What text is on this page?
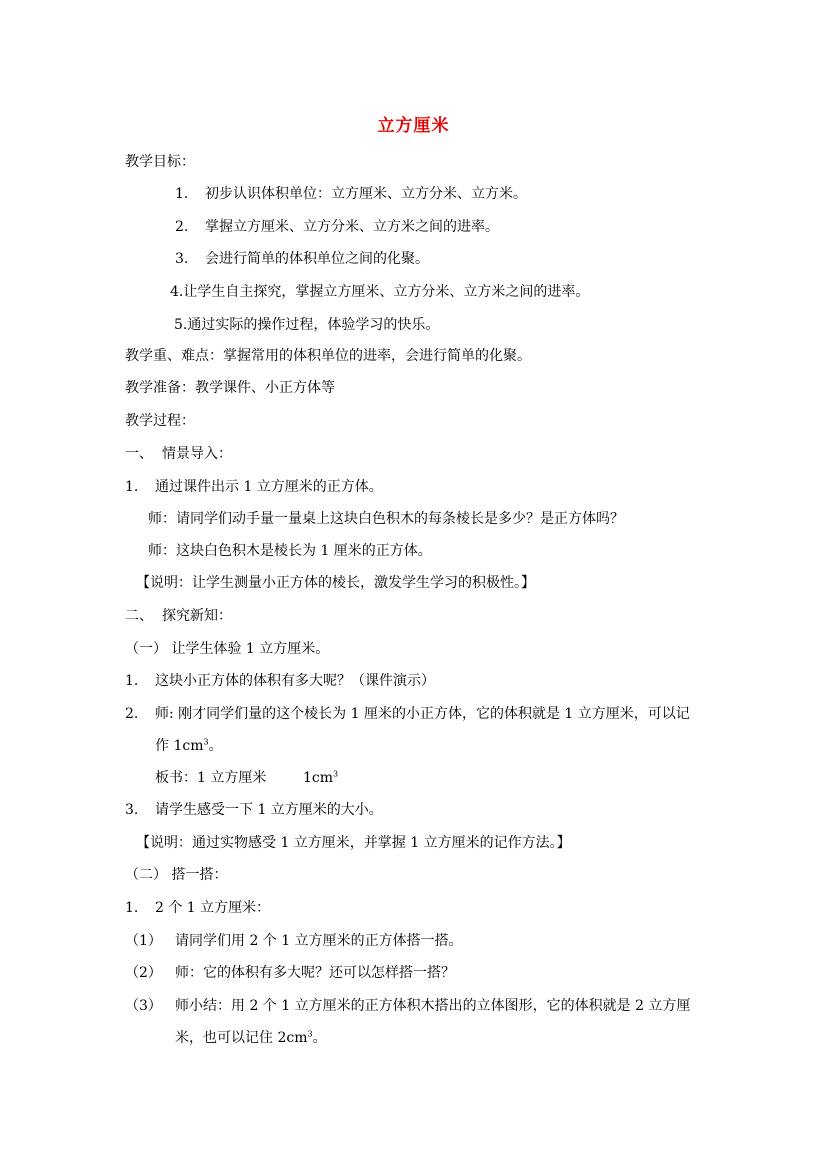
立方厘米
教学目标：
1. 初步认识体积单位：立方厘米、立方分米、立方米。
2. 掌握立方厘米、立方分米、立方米之间的进率。
3. 会进行简单的体积单位之间的化聚。
4.让学生自主探究，掌握立方厘米、立方分米、立方米之间的进率。
5.通过实际的操作过程，体验学习的快乐。
教学重、难点：掌握常用的体积单位的进率，会进行简单的化聚。
教学准备：教学课件、小正方体等
教学过程：
一、 情景导入：
1. 通过课件出示 1 立方厘米的正方体。
师：请同学们动手量一量桌上这块白色积木的每条棱长是多少？是正方体吗？
师：这块白色积木是棱长为 1 厘米的正方体。
【说明：让学生测量小正方体的棱长，激发学生学习的积极性。】
二、 探究新知：
（一） 让学生体验 1 立方厘米。
1. 这块小正方体的体积有多大呢？（课件演示）
2. 师: 刚才同学们量的这个棱长为 1 厘米的小正方体，它的体积就是 1 立方厘米，可以记
作 $1cm^3$。
板书：1 立方厘米	$1cm^3$
3. 请学生感受一下 1 立方厘米的大小。
【说明：通过实物感受 1 立方厘米，并掌握 1 立方厘米的记作方法。】
（二） 搭一搭：
1. 2 个 1 立方厘米：
（1） 请同学们用 2 个 1 立方厘米的正方体搭一搭。
（2） 师：它的体积有多大呢？还可以怎样搭一搭？
（3） 师小结：用 2 个 1 立方厘米的正方体积木搭出的立体图形，它的体积就是 2 立方厘
米，也可以记住 $2cm^3$。
